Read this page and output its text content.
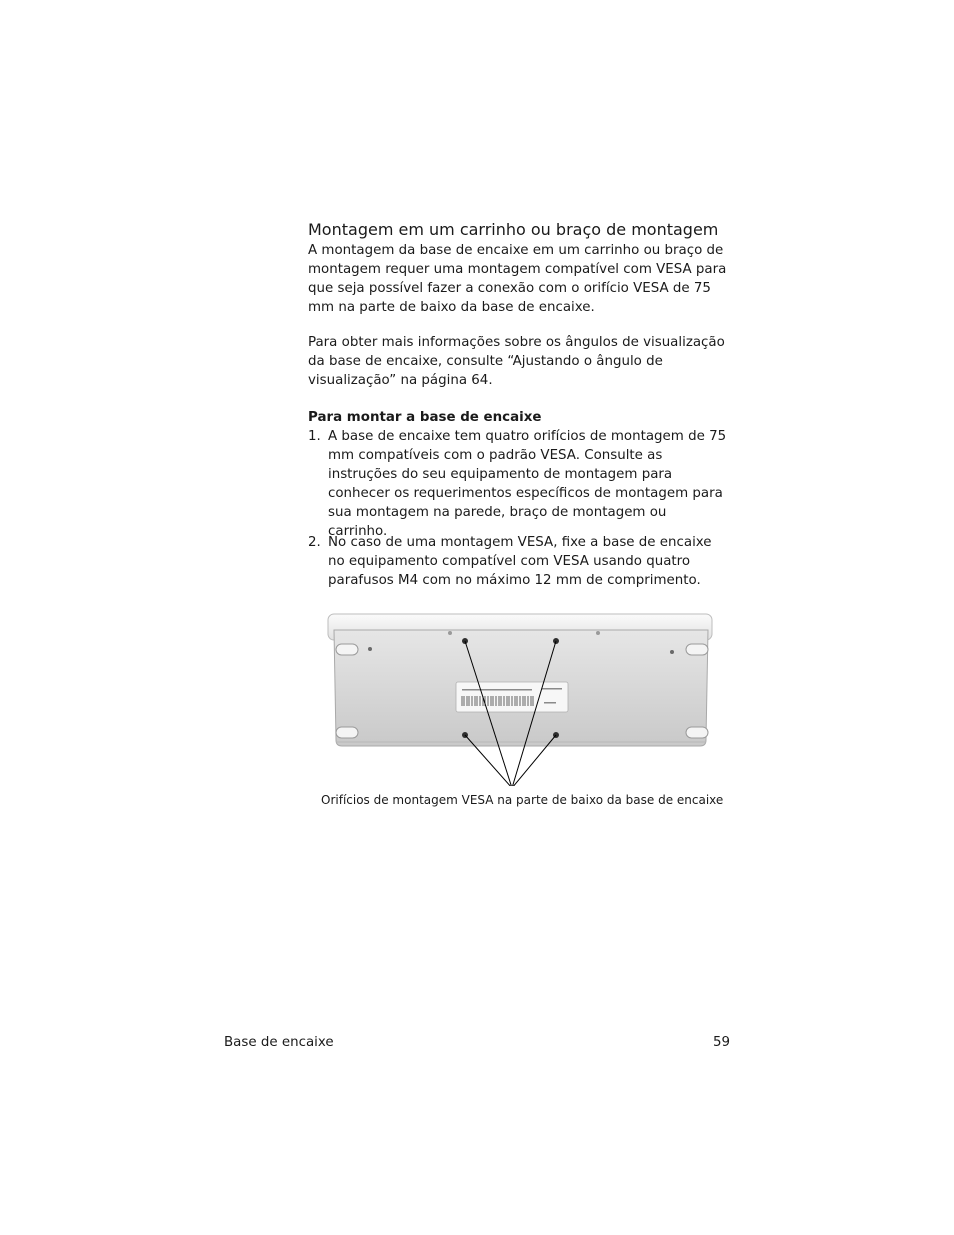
Montagem em um carrinho ou braço de montagem
A montagem da base de encaixe em um carrinho ou braço de montagem requer uma montagem compatível com VESA para que seja possível fazer a conexão com o orifício VESA de 75 mm na parte de baixo da base de encaixe.
Para obter mais informações sobre os ângulos de visualização da base de encaixe, consulte “Ajustando o ângulo de visualização” na página 64.
Para montar a base de encaixe
1. A base de encaixe tem quatro orifícios de montagem de 75 mm compatíveis com o padrão VESA. Consulte as instruções do seu equipamento de montagem para conhecer os requerimentos específicos de montagem para sua montagem na parede, braço de montagem ou carrinho.
2. No caso de uma montagem VESA, fixe a base de encaixe no equipamento compatível com VESA usando quatro parafusos M4 com no máximo 12 mm de comprimento.
Orifícios de montagem VESA na parte de baixo da base de encaixe
Base de encaixe	59
